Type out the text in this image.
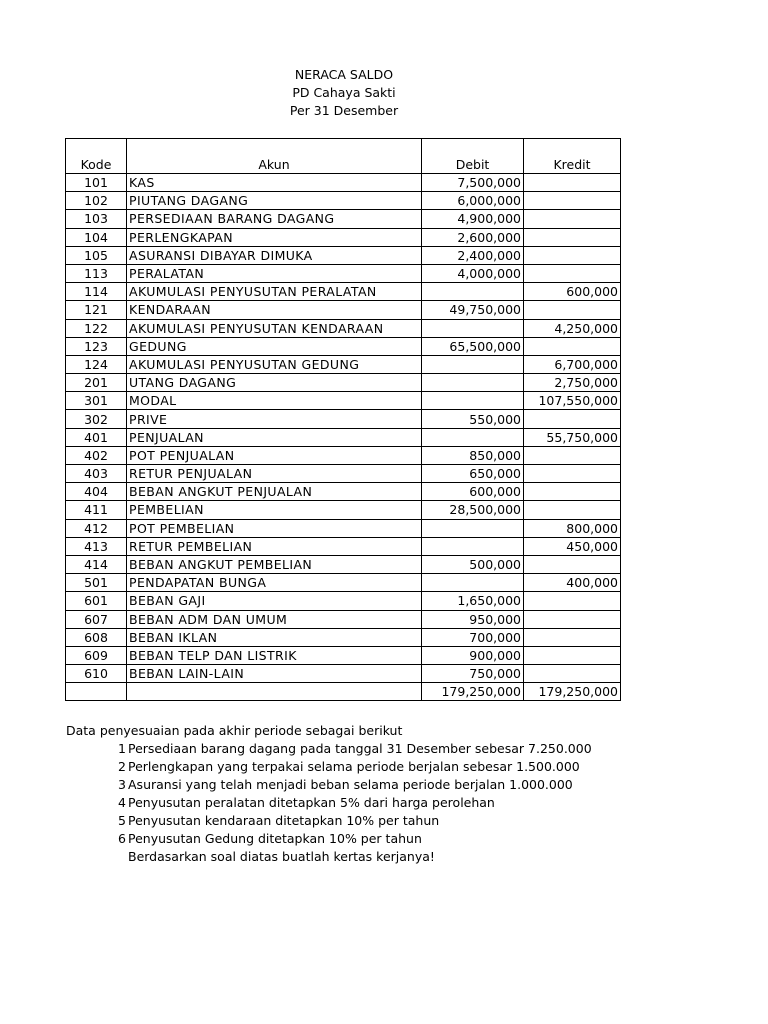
NERACA SALDO
PD Cahaya Sakti
Per 31 Desember
Kode	Akun	Debit	Kredit
101	KAS	7,500,000	
102	PIUTANG DAGANG	6,000,000	
103	PERSEDIAAN BARANG DAGANG	4,900,000	
104	PERLENGKAPAN	2,600,000	
105	ASURANSI DIBAYAR DIMUKA	2,400,000	
113	PERALATAN	4,000,000	
114	AKUMULASI PENYUSUTAN PERALATAN		600,000
121	KENDARAAN	49,750,000	
122	AKUMULASI PENYUSUTAN KENDARAAN		4,250,000
123	GEDUNG	65,500,000	
124	AKUMULASI PENYUSUTAN GEDUNG		6,700,000
201	UTANG DAGANG		2,750,000
301	MODAL		107,550,000
302	PRIVE	550,000	
401	PENJUALAN		55,750,000
402	POT PENJUALAN	850,000	
403	RETUR PENJUALAN	650,000	
404	BEBAN ANGKUT PENJUALAN	600,000	
411	PEMBELIAN	28,500,000	
412	POT PEMBELIAN		800,000
413	RETUR PEMBELIAN		450,000
414	BEBAN ANGKUT PEMBELIAN	500,000	
501	PENDAPATAN BUNGA		400,000
601	BEBAN GAJI	1,650,000	
607	BEBAN ADM DAN UMUM	950,000	
608	BEBAN IKLAN	700,000	
609	BEBAN TELP DAN LISTRIK	900,000	
610	BEBAN LAIN-LAIN	750,000	
		179,250,000	179,250,000
Data penyesuaian pada akhir periode sebagai berikut
1 Persediaan barang dagang pada tanggal 31 Desember sebesar 7.250.000
2 Perlengkapan yang terpakai selama periode berjalan sebesar 1.500.000
3 Asuransi yang telah menjadi beban selama periode berjalan 1.000.000
4 Penyusutan peralatan ditetapkan 5% dari harga perolehan
5 Penyusutan kendaraan ditetapkan 10% per tahun
6 Penyusutan Gedung ditetapkan 10% per tahun
Berdasarkan soal diatas buatlah kertas kerjanya!
